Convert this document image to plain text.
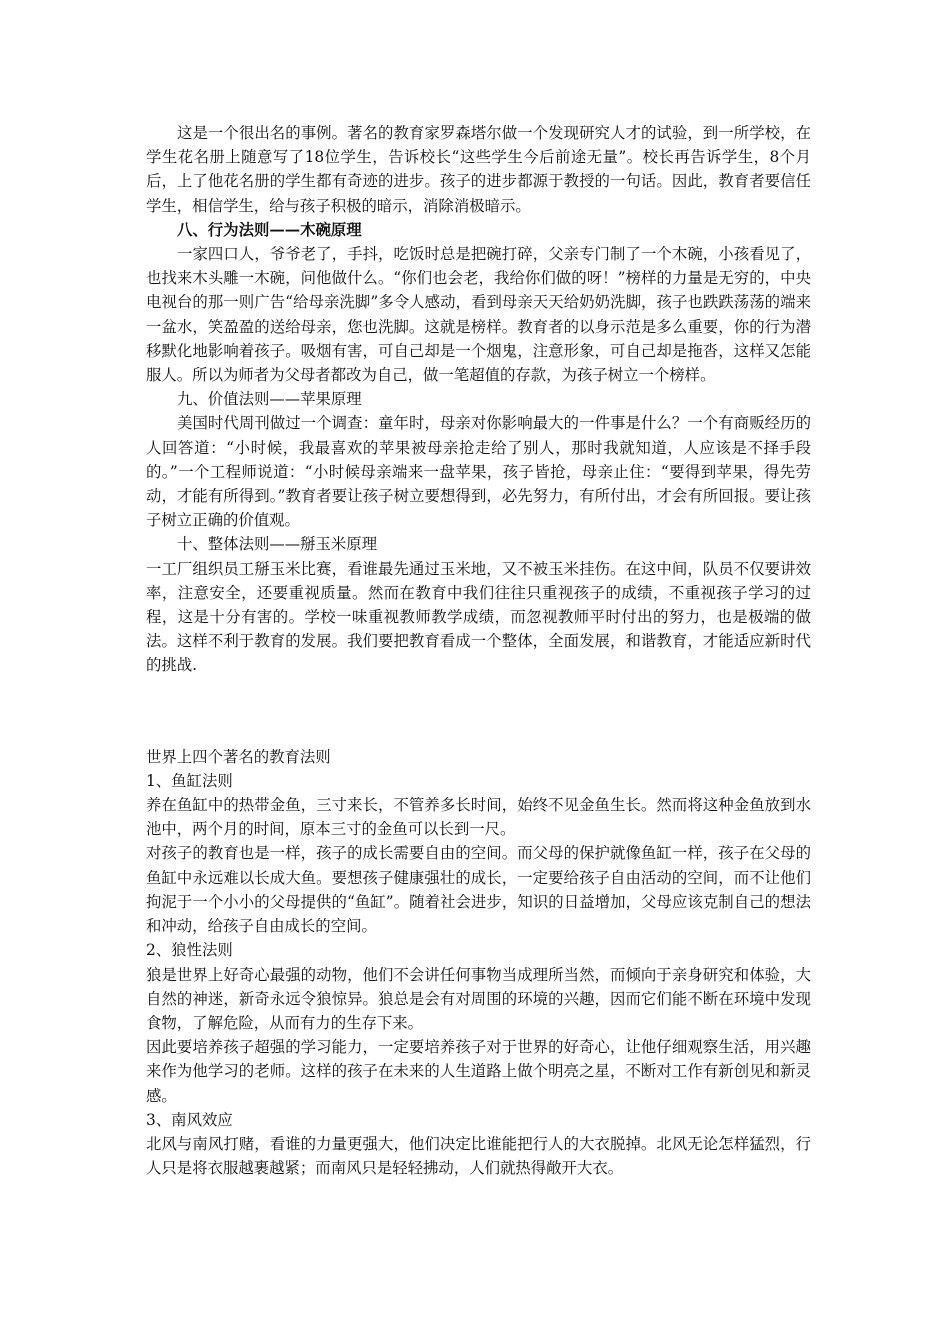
这是一个很出名的事例。著名的教育家罗森塔尔做一个发现研究人才的试验，到一所学校，在学生花名册上随意写了18位学生，告诉校长“这些学生今后前途无量”。校长再告诉学生，8个月后，上了他花名册的学生都有奇迹的进步。孩子的进步都源于教授的一句话。因此，教育者要信任学生，相信学生，给与孩子积极的暗示，消除消极暗示。

八、行为法则——木碗原理

一家四口人，爷爷老了，手抖，吃饭时总是把碗打碎，父亲专门制了一个木碗，小孩看见了，也找来木头雕一木碗，问他做什么。“你们也会老，我给你们做的呀！”榜样的力量是无穷的，中央电视台的那一则广告“给母亲洗脚”多令人感动，看到母亲天天给奶奶洗脚，孩子也跌跌荡荡的端来一盆水，笑盈盈的送给母亲，您也洗脚。这就是榜样。教育者的以身示范是多么重要，你的行为潜移默化地影响着孩子。吸烟有害，可自己却是一个烟鬼，注意形象，可自己却是拖沓，这样又怎能服人。所以为师者为父母者都改为自己，做一笔超值的存款，为孩子树立一个榜样。

九、价值法则——苹果原理

美国时代周刊做过一个调查：童年时，母亲对你影响最大的一件事是什么？一个有商贩经历的人回答道：“小时候，我最喜欢的苹果被母亲抢走给了别人，那时我就知道，人应该是不择手段的。”一个工程师说道：“小时候母亲端来一盘苹果，孩子皆抢，母亲止住：“要得到苹果，得先劳动，才能有所得到。”教育者要让孩子树立要想得到，必先努力，有所付出，才会有所回报。要让孩子树立正确的价值观。

十、整体法则——掰玉米原理

一工厂组织员工掰玉米比赛，看谁最先通过玉米地，又不被玉米挂伤。在这中间，队员不仅要讲效率，注意安全，还要重视质量。然而在教育中我们往往只重视孩子的成绩，不重视孩子学习的过程，这是十分有害的。学校一味重视教师教学成绩，而忽视教师平时付出的努力，也是极端的做法。这样不利于教育的发展。我们要把教育看成一个整体，全面发展，和谐教育，才能适应新时代的挑战.

世界上四个著名的教育法则

1、鱼缸法则

养在鱼缸中的热带金鱼，三寸来长，不管养多长时间，始终不见金鱼生长。然而将这种金鱼放到水池中，两个月的时间，原本三寸的金鱼可以长到一尺。

对孩子的教育也是一样，孩子的成长需要自由的空间。而父母的保护就像鱼缸一样，孩子在父母的鱼缸中永远难以长成大鱼。要想孩子健康强壮的成长，一定要给孩子自由活动的空间，而不让他们拘泥于一个小小的父母提供的“鱼缸”。随着社会进步，知识的日益增加，父母应该克制自己的想法和冲动，给孩子自由成长的空间。

2、狼性法则

狼是世界上好奇心最强的动物，他们不会讲任何事物当成理所当然，而倾向于亲身研究和体验，大自然的神迷，新奇永远令狼惊异。狼总是会有对周围的环境的兴趣，因而它们能不断在环境中发现食物，了解危险，从而有力的生存下来。

因此要培养孩子超强的学习能力，一定要培养孩子对于世界的好奇心，让他仔细观察生活，用兴趣来作为他学习的老师。这样的孩子在未来的人生道路上做个明亮之星，不断对工作有新创见和新灵感。

3、南风效应

北风与南风打赌，看谁的力量更强大，他们决定比谁能把行人的大衣脱掉。北风无论怎样猛烈，行人只是将衣服越裹越紧；而南风只是轻轻拂动，人们就热得敞开大衣。
